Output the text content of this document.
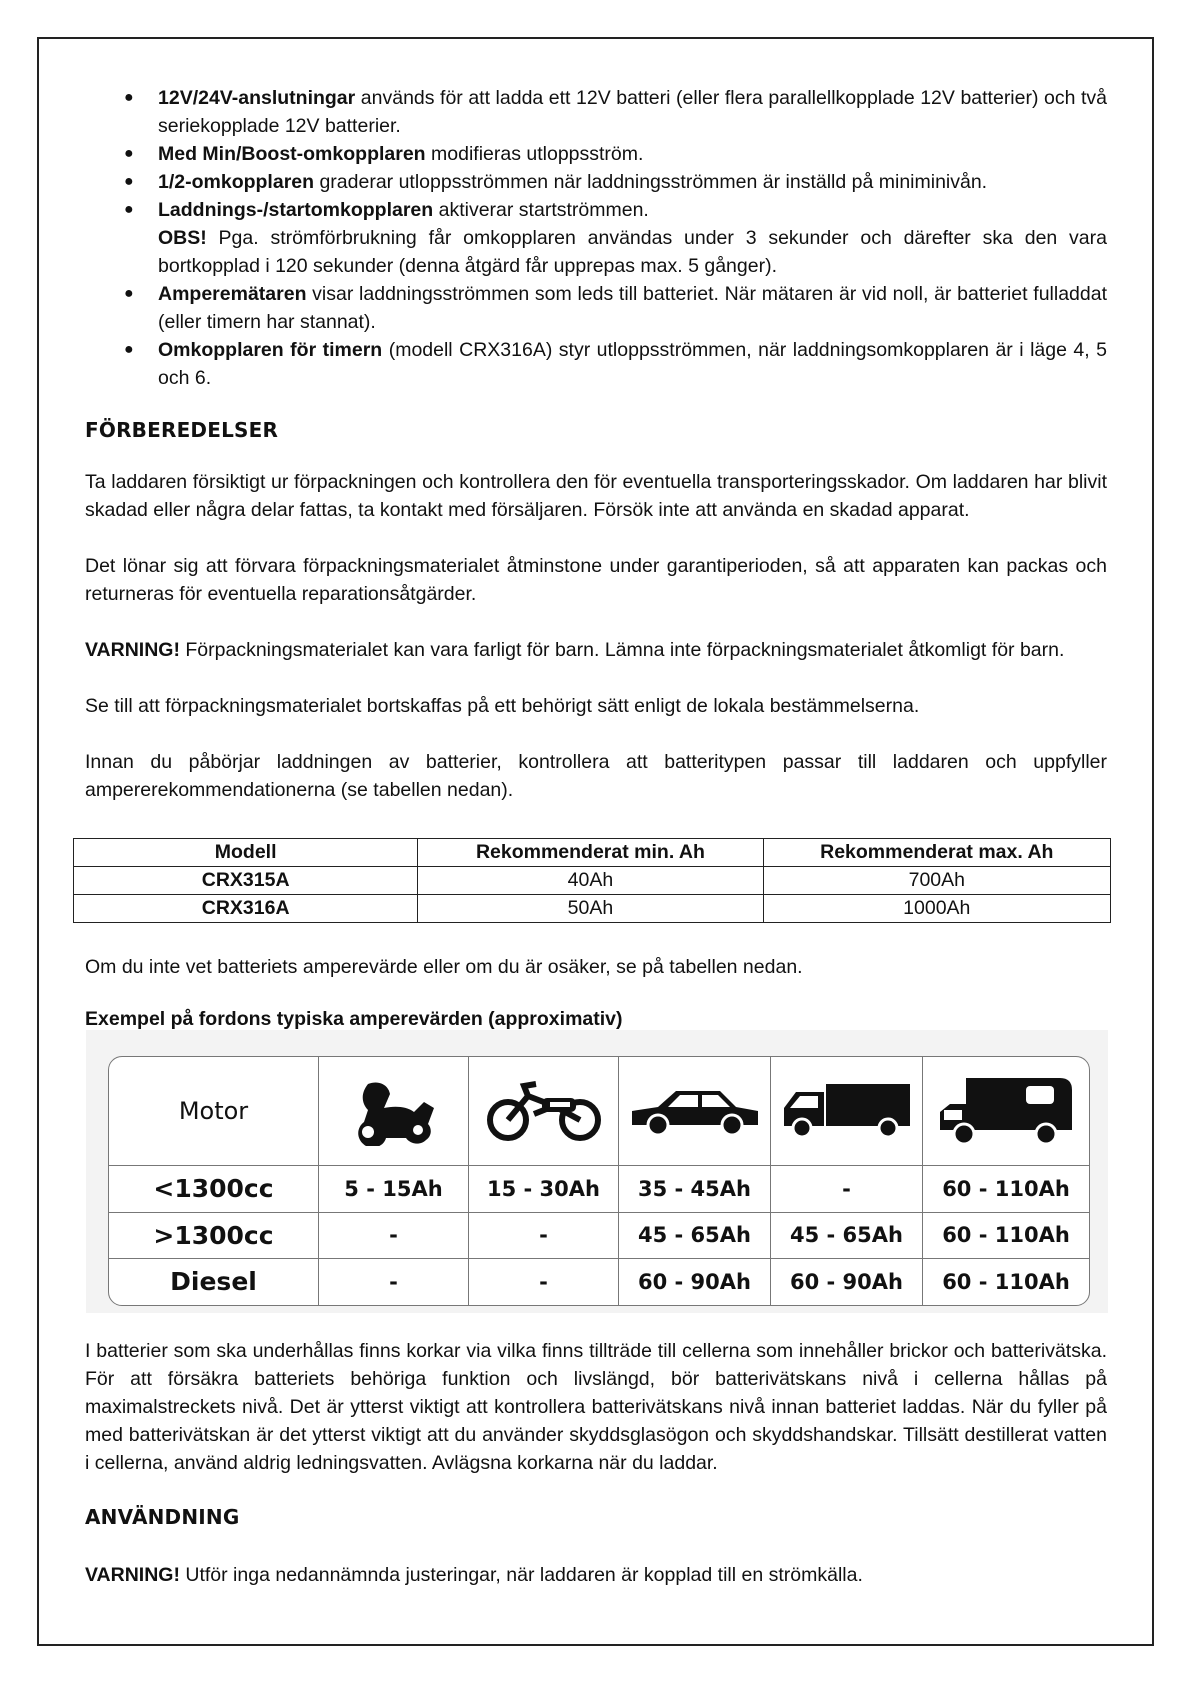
● 12V/24V-anslutningar används för att ladda ett 12V batteri (eller flera parallellkopplade 12V batterier) och två seriekopplade 12V batterier.
● Med Min/Boost-omkopplaren modifieras utloppsström.
● 1/2-omkopplaren graderar utloppsströmmen när laddningsströmmen är inställd på miniminivån.
● Laddnings-/startomkopplaren aktiverar startströmmen.
OBS! Pga. strömförbrukning får omkopplaren användas under 3 sekunder och därefter ska den vara bortkopplad i 120 sekunder (denna åtgärd får upprepas max. 5 gånger).
● Amperemätaren visar laddningsströmmen som leds till batteriet. När mätaren är vid noll, är batteriet fulladdat (eller timern har stannat).
● Omkopplaren för timern (modell CRX316A) styr utloppsströmmen, när laddningsomkopplaren är i läge 4, 5 och 6.
FÖRBEREDELSER

Ta laddaren försiktigt ur förpackningen och kontrollera den för eventuella transporteringsskador. Om laddaren har blivit skadad eller några delar fattas, ta kontakt med försäljaren. Försök inte att använda en skadad apparat.

Det lönar sig att förvara förpackningsmaterialet åtminstone under garantiperioden, så att apparaten kan packas och returneras för eventuella reparationsåtgärder.

VARNING! Förpackningsmaterialet kan vara farligt för barn. Lämna inte förpackningsmaterialet åtkomligt för barn.

Se till att förpackningsmaterialet bortskaffas på ett behörigt sätt enligt de lokala bestämmelserna.

Innan du påbörjar laddningen av batterier, kontrollera att batteritypen passar till laddaren och uppfyller ampererekommendationerna (se tabellen nedan).

Modell	Rekommenderat min. Ah	Rekommenderat max. Ah
CRX315A	40Ah	700Ah
CRX316A	50Ah	1000Ah

Om du inte vet batteriets amperevärde eller om du är osäker, se på tabellen nedan.

Exempel på fordons typiska amperevärden (approximativ)

Motor
<1300cc	5 - 15Ah	15 - 30Ah	35 - 45Ah	-	60 - 110Ah
>1300cc	-	-	45 - 65Ah	45 - 65Ah	60 - 110Ah
Diesel	-	-	60 - 90Ah	60 - 90Ah	60 - 110Ah

I batterier som ska underhållas finns korkar via vilka finns tillträde till cellerna som innehåller brickor och batterivätska. För att försäkra batteriets behöriga funktion och livslängd, bör batterivätskans nivå i cellerna hållas på maximalstreckets nivå. Det är ytterst viktigt att kontrollera batterivätskans nivå innan batteriet laddas. När du fyller på med batterivätskan är det ytterst viktigt att du använder skyddsglasögon och skyddshandskar. Tillsätt destillerat vatten i cellerna, använd aldrig ledningsvatten. Avlägsna korkarna när du laddar.

ANVÄNDNING

VARNING! Utför inga nedannämnda justeringar, när laddaren är kopplad till en strömkälla.
